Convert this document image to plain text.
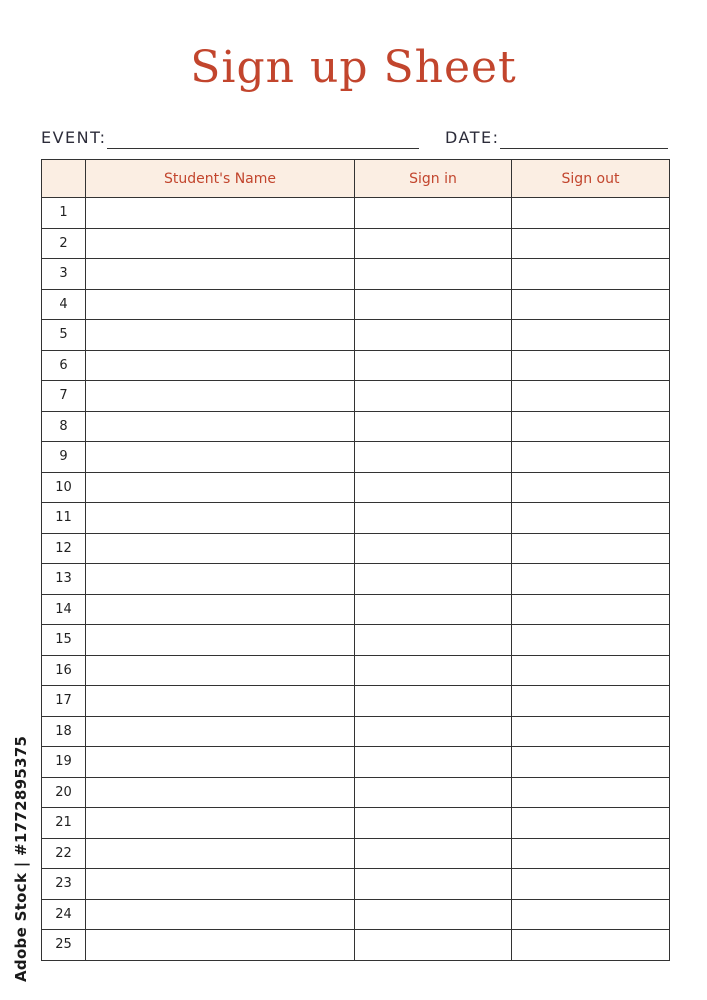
Sign up Sheet
EVENT:	DATE:
	Student's Name	Sign in	Sign out
1			
2			
3			
4			
5			
6			
7			
8			
9			
10			
11			
12			
13			
14			
15			
16			
17			
18			
19			
20			
21			
22			
23			
24			
25			
Adobe Stock | #1772895375
